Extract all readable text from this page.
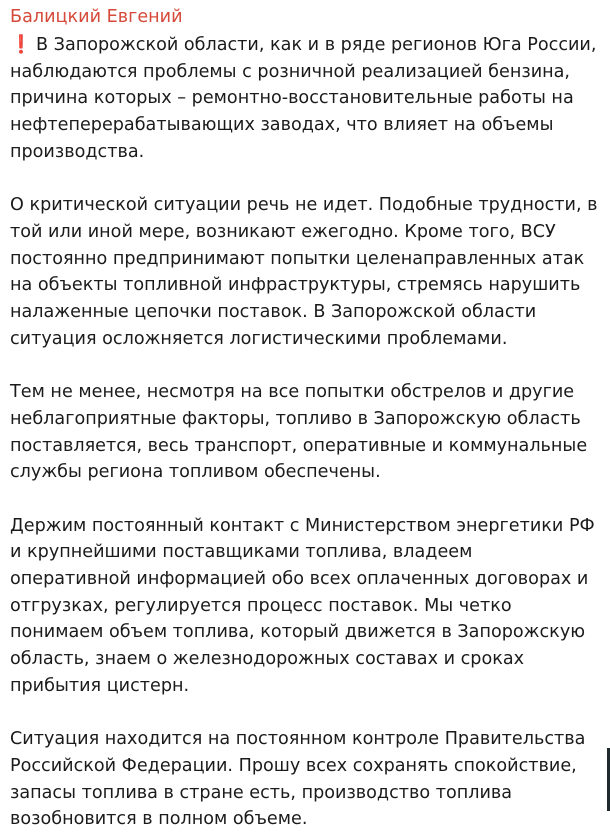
Балицкий Евгений
❗ В Запорожской области, как и в ряде регионов Юга России,
наблюдаются проблемы с розничной реализацией бензина,
причина которых – ремонтно-восстановительные работы на
нефтеперерабатывающих заводах, что влияет на объемы
производства.
О критической ситуации речь не идет. Подобные трудности, в
той или иной мере, возникают ежегодно. Кроме того, ВСУ
постоянно предпринимают попытки целенаправленных атак
на объекты топливной инфраструктуры, стремясь нарушить
налаженные цепочки поставок. В Запорожской области
ситуация осложняется логистическими проблемами.
Тем не менее, несмотря на все попытки обстрелов и другие
неблагоприятные факторы, топливо в Запорожскую область
поставляется, весь транспорт, оперативные и коммунальные
службы региона топливом обеспечены.
Держим постоянный контакт с Министерством энергетики РФ
и крупнейшими поставщиками топлива, владеем
оперативной информацией обо всех оплаченных договорах и
отгрузках, регулируется процесс поставок. Мы четко
понимаем объем топлива, который движется в Запорожскую
область, знаем о железнодорожных составах и сроках
прибытия цистерн.
Ситуация находится на постоянном контроле Правительства
Российской Федерации. Прошу всех сохранять спокойствие,
запасы топлива в стране есть, производство топлива
возобновится в полном объеме.
